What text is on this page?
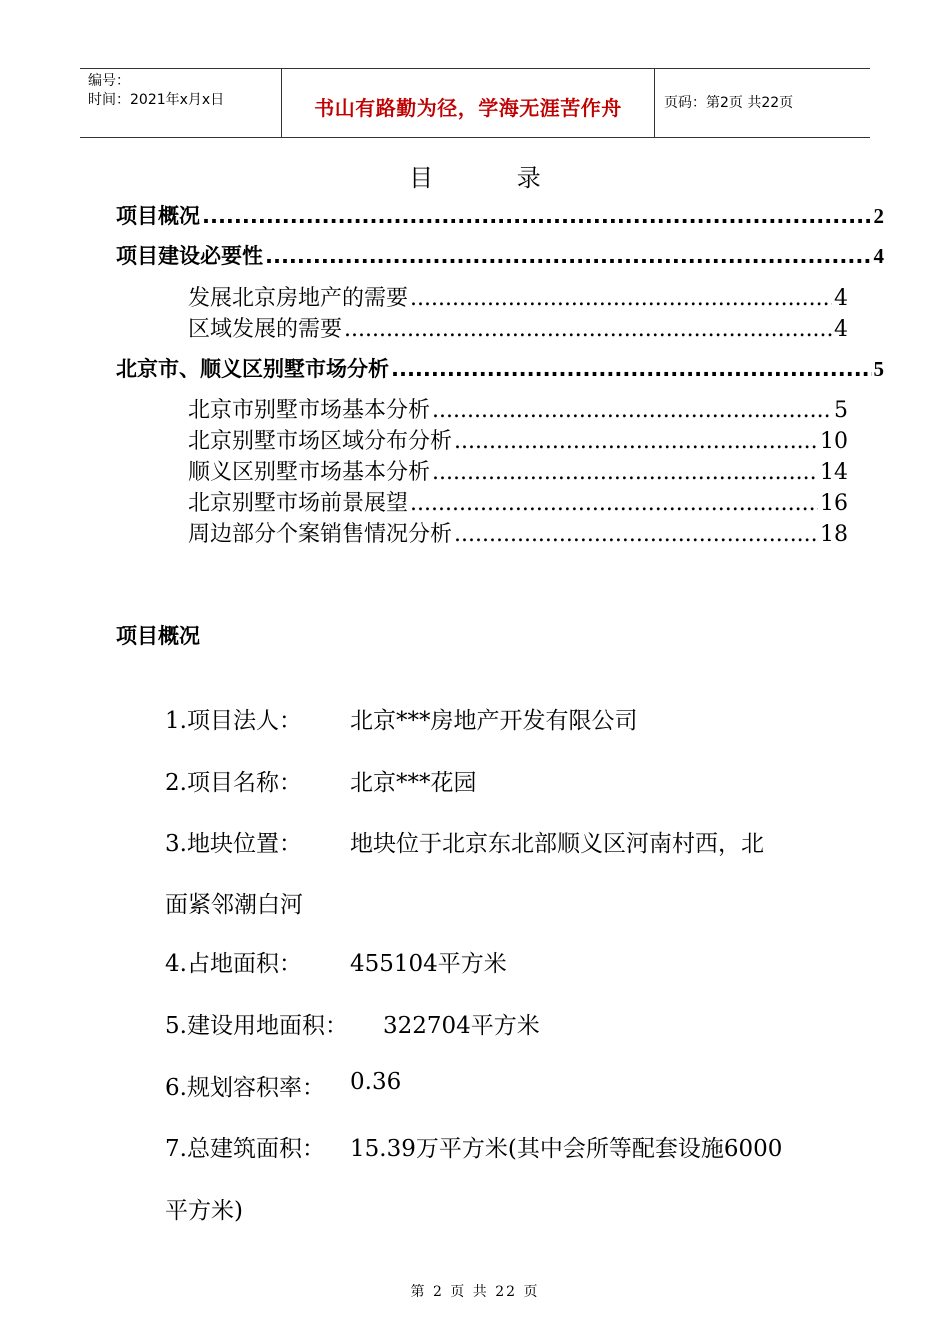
编号：
时间：2021年x月x日	书山有路勤为径，学海无涯苦作舟	页码：第2页 共22页
目 录
项目概况 .....	2
项目建设必要性 .....	4
发展北京房地产的需要 .....	4
区域发展的需要 .....	4
北京市、顺义区别墅市场分析 .....	5
北京市别墅市场基本分析 .....	5
北京别墅市场区域分布分析 .....	10
顺义区别墅市场基本分析 .....	14
北京别墅市场前景展望 .....	16
周边部分个案销售情况分析 .....	18
项目概况
1.项目法人： 北京***房地产开发有限公司
2.项目名称： 北京***花园
3.地块位置： 地块位于北京东北部顺义区河南村西，北
面紧邻潮白河
4.占地面积： 455104平方米
5.建设用地面积： 322704平方米
6.规划容积率： 0.36
7.总建筑面积： 15.39万平方米(其中会所等配套设施6000
平方米)
第 2 页 共 22 页
